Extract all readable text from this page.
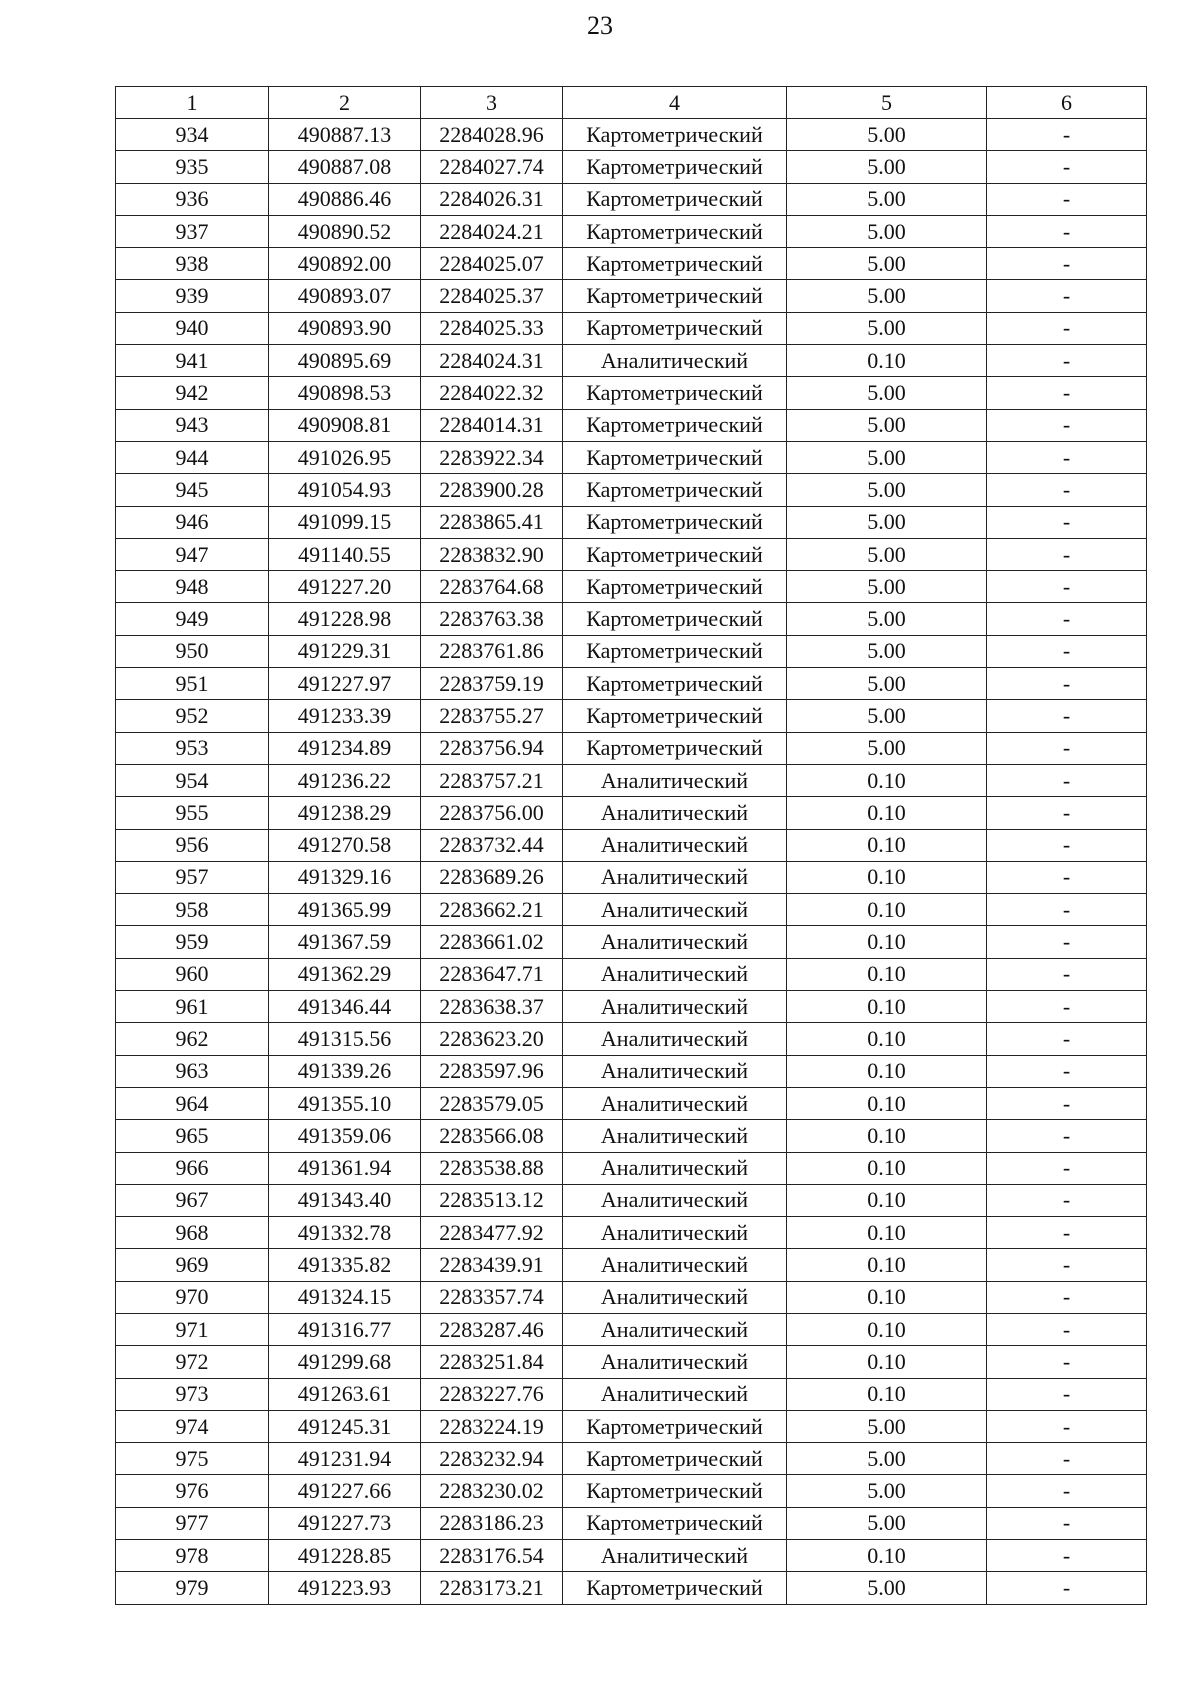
23
1	2	3	4	5	6
934	490887.13	2284028.96	Картометрический	5.00	-
935	490887.08	2284027.74	Картометрический	5.00	-
936	490886.46	2284026.31	Картометрический	5.00	-
937	490890.52	2284024.21	Картометрический	5.00	-
938	490892.00	2284025.07	Картометрический	5.00	-
939	490893.07	2284025.37	Картометрический	5.00	-
940	490893.90	2284025.33	Картометрический	5.00	-
941	490895.69	2284024.31	Аналитический	0.10	-
942	490898.53	2284022.32	Картометрический	5.00	-
943	490908.81	2284014.31	Картометрический	5.00	-
944	491026.95	2283922.34	Картометрический	5.00	-
945	491054.93	2283900.28	Картометрический	5.00	-
946	491099.15	2283865.41	Картометрический	5.00	-
947	491140.55	2283832.90	Картометрический	5.00	-
948	491227.20	2283764.68	Картометрический	5.00	-
949	491228.98	2283763.38	Картометрический	5.00	-
950	491229.31	2283761.86	Картометрический	5.00	-
951	491227.97	2283759.19	Картометрический	5.00	-
952	491233.39	2283755.27	Картометрический	5.00	-
953	491234.89	2283756.94	Картометрический	5.00	-
954	491236.22	2283757.21	Аналитический	0.10	-
955	491238.29	2283756.00	Аналитический	0.10	-
956	491270.58	2283732.44	Аналитический	0.10	-
957	491329.16	2283689.26	Аналитический	0.10	-
958	491365.99	2283662.21	Аналитический	0.10	-
959	491367.59	2283661.02	Аналитический	0.10	-
960	491362.29	2283647.71	Аналитический	0.10	-
961	491346.44	2283638.37	Аналитический	0.10	-
962	491315.56	2283623.20	Аналитический	0.10	-
963	491339.26	2283597.96	Аналитический	0.10	-
964	491355.10	2283579.05	Аналитический	0.10	-
965	491359.06	2283566.08	Аналитический	0.10	-
966	491361.94	2283538.88	Аналитический	0.10	-
967	491343.40	2283513.12	Аналитический	0.10	-
968	491332.78	2283477.92	Аналитический	0.10	-
969	491335.82	2283439.91	Аналитический	0.10	-
970	491324.15	2283357.74	Аналитический	0.10	-
971	491316.77	2283287.46	Аналитический	0.10	-
972	491299.68	2283251.84	Аналитический	0.10	-
973	491263.61	2283227.76	Аналитический	0.10	-
974	491245.31	2283224.19	Картометрический	5.00	-
975	491231.94	2283232.94	Картометрический	5.00	-
976	491227.66	2283230.02	Картометрический	5.00	-
977	491227.73	2283186.23	Картометрический	5.00	-
978	491228.85	2283176.54	Аналитический	0.10	-
979	491223.93	2283173.21	Картометрический	5.00	-
